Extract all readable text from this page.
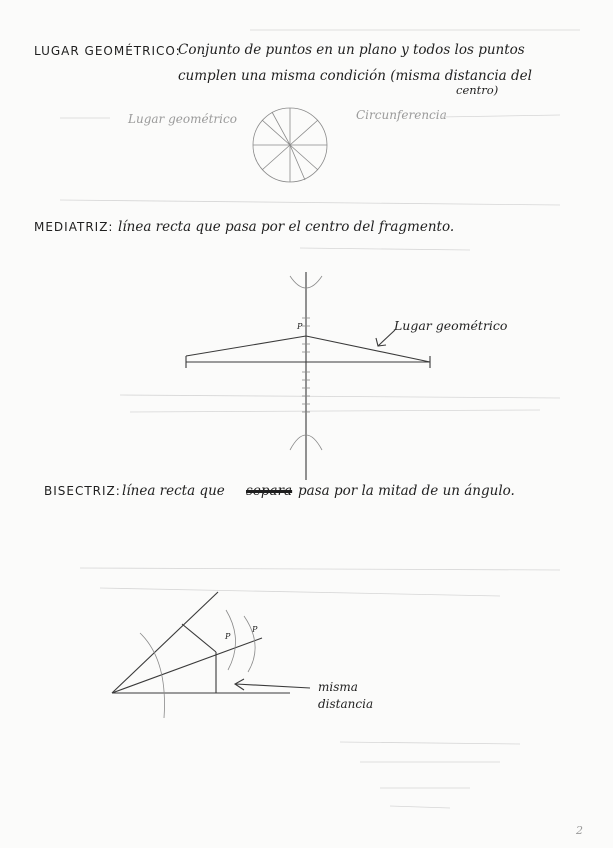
LUGAR GEOMÉTRICO:
Conjunto de puntos en un plano y todos los puntos
cumplen una misma condición (misma distancia del
centro)
Lugar geométrico	Circunferencia
MEDIATRIZ: línea recta que pasa por el centro del fragmento.
Lugar geométrico
P
BISECTRIZ: línea recta que separa pasa por la mitad de un ángulo.
misma
distancia
P
P
2
